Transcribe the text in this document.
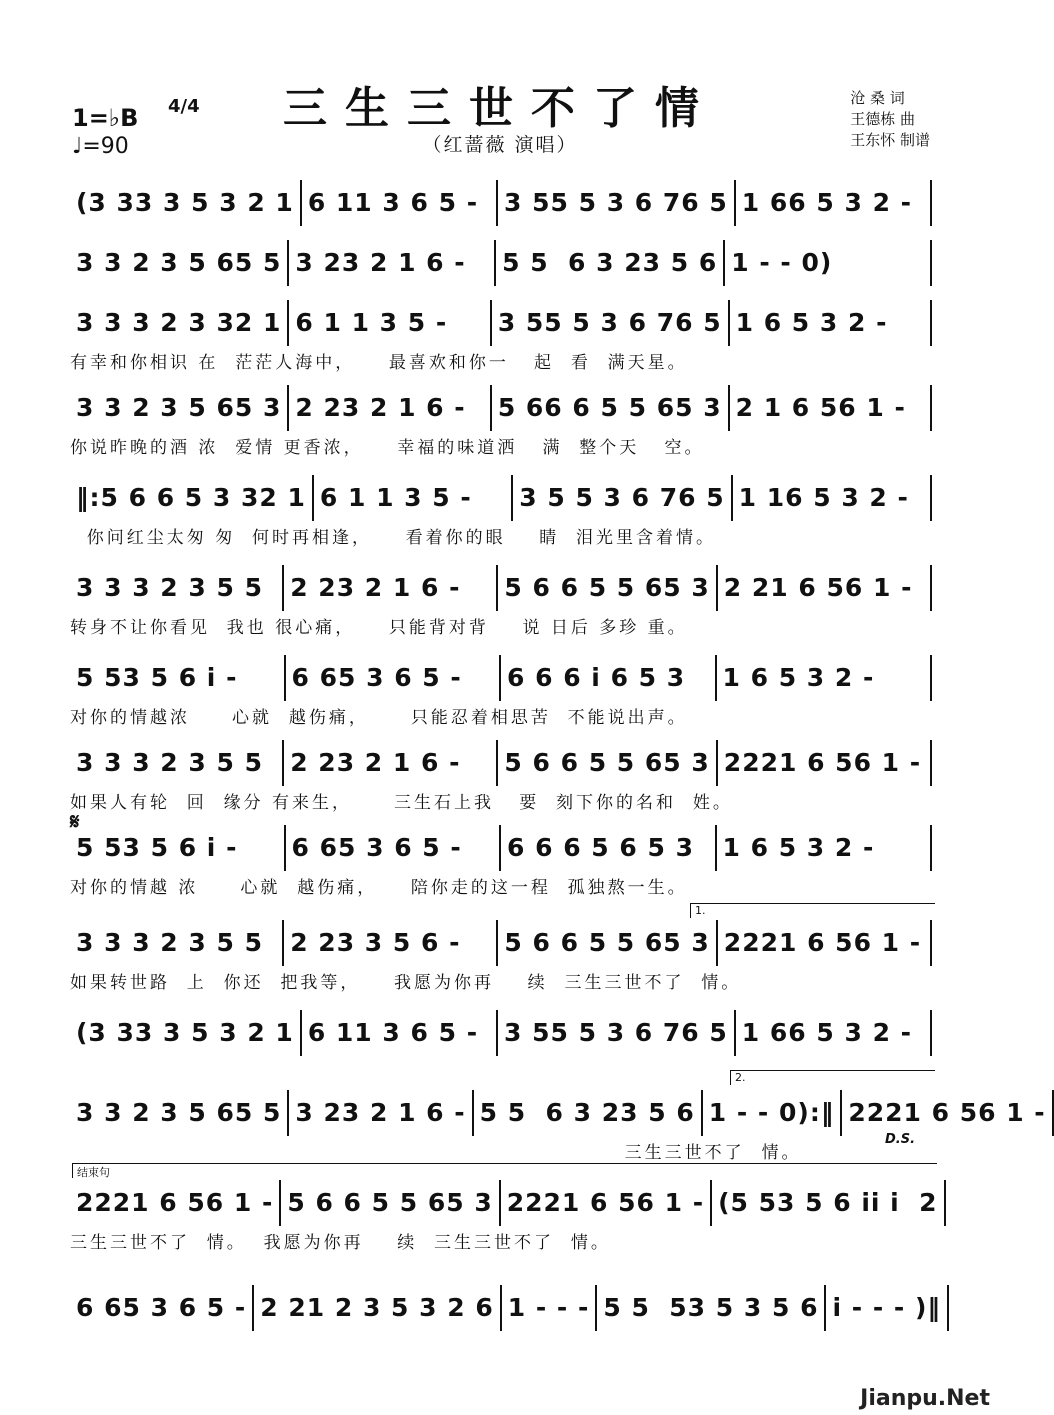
三生三世不了情
（红蔷薇 演唱）
沧 桑 词
王德栋 曲
王东怀 制谱
1=♭B 4/4
♩=90
(3 33 3 5 3 2 1 6 11 3 6 5 -	3 55 5 3 6 76 5 1 66 5 3 2 -
3 3 2 3 5 65 5 3 23 2 1 6 -	5 5  6 3 23 5 6 1 - - 0)
3 3 3 2 3 32 1 6 1 1 3 5 -	3 55 5 3 6 76 5 1 6 5 3 2 -
有幸和你相识 在  茫茫人海中，    最喜欢和你一   起  看  满天星。
3 3 2 3 5 65 3 2 23 2 1 6 -	5 66 6 5 5 65 3 2 1 6 56 1 -
你说昨晚的酒 浓  爱情 更香浓，    幸福的味道洒   满  整个天   空。
‖:5 6 6 5 3 32 1 6 1 1 3 5 -	3 5 5 3 6 76 5 1 16 5 3 2 -
你问红尘太匆 匆  何时再相逢，    看着你的眼    睛  泪光里含着情。
3 3 3 2 3 5 5	2 23 2 1 6 -	5 6 6 5 5 65 3 2 21 6 56 1 -
转身不让你看见  我也 很心痛，    只能背对背    说 日后 多珍 重。
5 53 5 6 i -	6 65 3 6 5 -	6 6 6 i 6 5 3	1 6 5 3 2 -
对你的情越浓     心就  越伤痛，     只能忍着相思苦  不能说出声。
3 3 3 2 3 5 5	2 23 2 1 6 -	5 6 6 5 5 65 3 2221 6 56 1 -
如果人有轮  回  缘分 有来生，     三生石上我   要  刻下你的名和  姓。
5 53 5 6 i -	6 65 3 6 5 -	6 6 6 5 6 5 3	1 6 5 3 2 -
对你的情越 浓     心就  越伤痛，    陪你走的这一程  孤独熬一生。
3 3 3 2 3 5 5	2 23 3 5 6 -	5 6 6 5 5 65 3 2221 6 56 1 -
如果转世路  上  你还  把我等，    我愿为你再    续  三生三世不了  情。
(3 33 3 5 3 2 1 6 11 3 6 5 -	3 55 5 3 6 76 5 1 66 5 3 2 -
3 3 2 3 5 65 5 3 23 2 1 6 - 5 5  6 3 23 5 6 1 - - 0):‖ 2221 6 56 1 -
三生三世不了  情。
2221 6 56 1 - 5 6 6 5 5 65 3 2221 6 56 1 - (5 53 5 6 ii i  2
三生三世不了  情。  我愿为你再    续  三生三世不了  情。
6 65 3 6 5 - 2 21 2 3 5 3 2 6 1 - - - 5 5  53 5 3 5 6 i - - - )‖
𝄋
1.
2.
结束句
D.S.
Jianpu.Net
